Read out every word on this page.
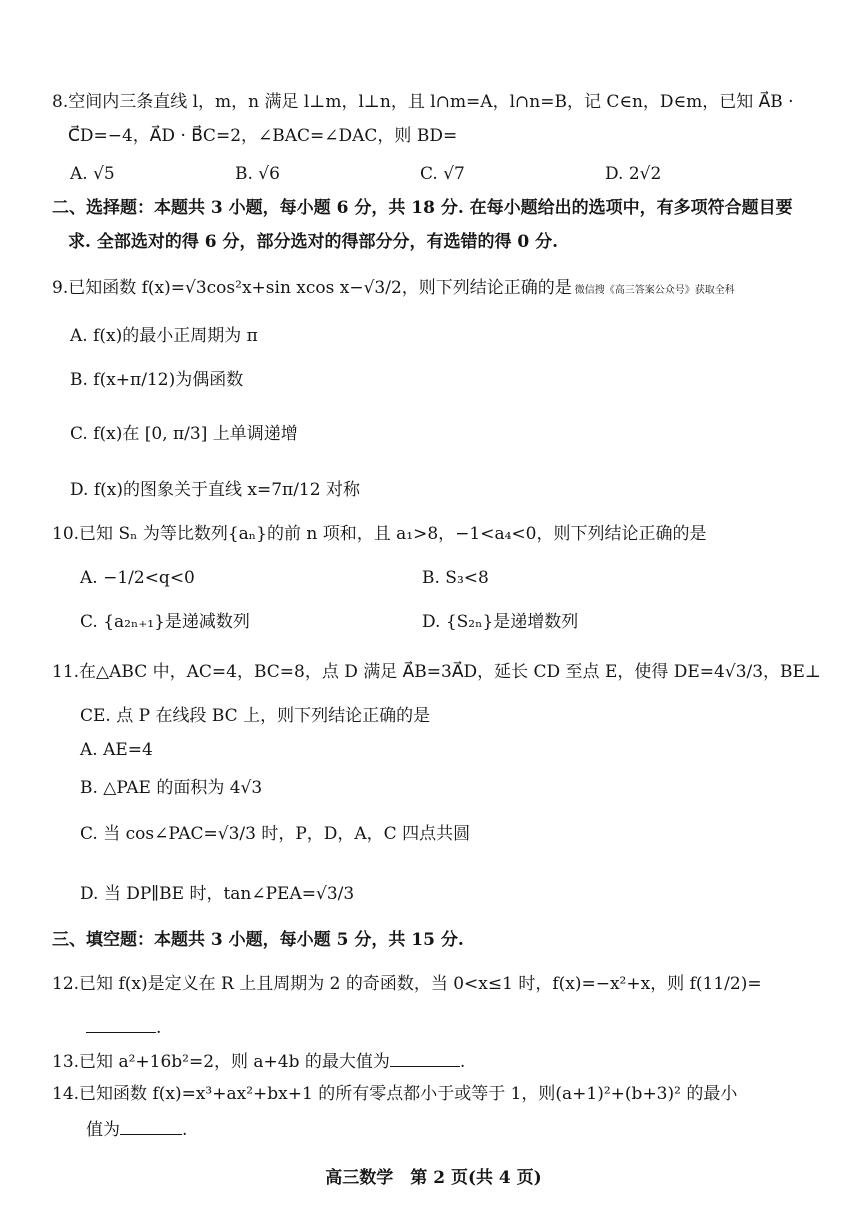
8.空间内三条直线 l，m，n 满足 l⊥m，l⊥n，且 l∩m=A，l∩n=B，记 C∈n，D∈m，已知 A⃗B ·
C⃗D=−4，A⃗D · B⃗C=2，∠BAC=∠DAC，则 BD=
A. √5	B. √6	C. √7	D. 2√2
二、选择题：本题共 3 小题，每小题 6 分，共 18 分. 在每小题给出的选项中，有多项符合题目要
求. 全部选对的得 6 分，部分选对的得部分分，有选错的得 0 分.
9.已知函数 f(x)=√3cos²x+sin xcos x−√3/2，则下列结论正确的是 微信搜《高三答案公众号》获取全科
A. f(x)的最小正周期为 π
B. f(x+π/12)为偶函数
C. f(x)在 [0, π/3] 上单调递增
D. f(x)的图象关于直线 x=7π/12 对称
10.已知 Sₙ 为等比数列{aₙ}的前 n 项和，且 a₁>8，−1<a₄<0，则下列结论正确的是
A. −1/2<q<0	B. S₃<8
C. {a₂ₙ₊₁}是递减数列	D. {S₂ₙ}是递增数列
11.在△ABC 中，AC=4，BC=8，点 D 满足 A⃗B=3A⃗D，延长 CD 至点 E，使得 DE=4√3/3，BE⊥
CE. 点 P 在线段 BC 上，则下列结论正确的是
A. AE=4
B. △PAE 的面积为 4√3
C. 当 cos∠PAC=√3/3 时，P，D，A，C 四点共圆
D. 当 DP∥BE 时，tan∠PEA=√3/3
三、填空题：本题共 3 小题，每小题 5 分，共 15 分.
12.已知 f(x)是定义在 R 上且周期为 2 的奇函数，当 0<x≤1 时，f(x)=−x²+x，则 f(11/2)=
.
13.已知 a²+16b²=2，则 a+4b 的最大值为	.
14.已知函数 f(x)=x³+ax²+bx+1 的所有零点都小于或等于 1，则(a+1)²+(b+3)² 的最小
值为	.
高三数学　第 2 页(共 4 页)
